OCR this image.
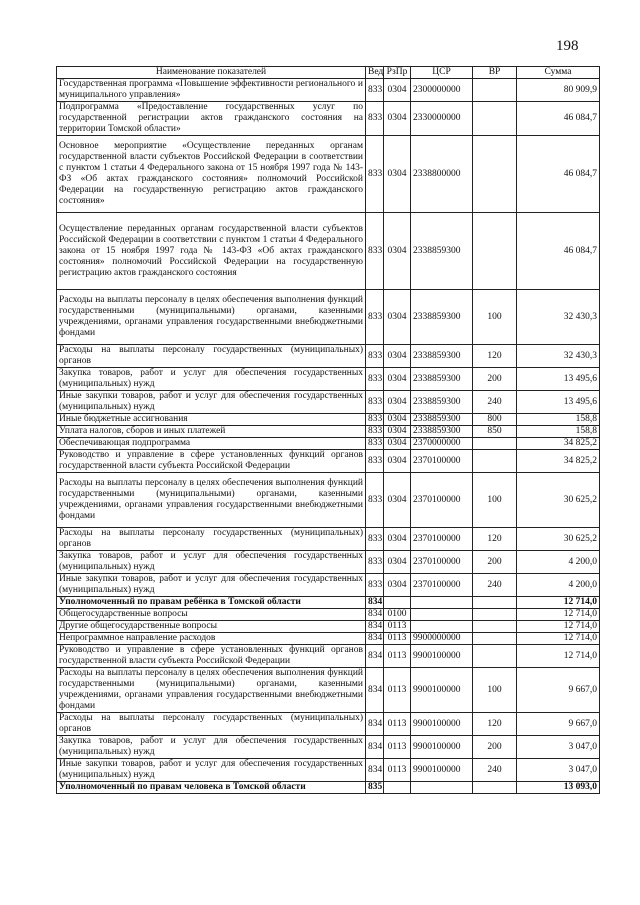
198
Наименование показателей	Вед	РзПр	ЦСР	ВР	Сумма
Государственная программа «Повышение эффективности регионального и муниципального управления»	833	0304	2300000000		80 909,9
Подпрограмма «Предоставление государственных услуг по государственной регистрации актов гражданского состояния на территории Томской области»	833	0304	2330000000		46 084,7
Основное мероприятие «Осуществление переданных органам государственной власти субъектов Российской Федерации в соответствии с пунктом 1 статьи 4 Федерального закона от 15 ноября 1997 года № 143-ФЗ «Об актах гражданского состояния» полномочий Российской Федерации на государственную регистрацию актов гражданского состояния»	833	0304	2338800000		46 084,7
Осуществление переданных органам государственной власти субъектов Российской Федерации в соответствии с пунктом 1 статьи 4 Федерального закона от 15 ноября 1997 года № 143-ФЗ «Об актах гражданского состояния» полномочий Российской Федерации на государственную регистрацию актов гражданского состояния	833	0304	2338859300		46 084,7
Расходы на выплаты персоналу в целях обеспечения выполнения функций государственными (муниципальными) органами, казенными учреждениями, органами управления государственными внебюджетными фондами	833	0304	2338859300	100	32 430,3
Расходы на выплаты персоналу государственных (муниципальных) органов	833	0304	2338859300	120	32 430,3
Закупка товаров, работ и услуг для обеспечения государственных (муниципальных) нужд	833	0304	2338859300	200	13 495,6
Иные закупки товаров, работ и услуг для обеспечения государственных (муниципальных) нужд	833	0304	2338859300	240	13 495,6
Иные бюджетные ассигнования	833	0304	2338859300	800	158,8
Уплата налогов, сборов и иных платежей	833	0304	2338859300	850	158,8
Обеспечивающая подпрограмма	833	0304	2370000000		34 825,2
Руководство и управление в сфере установленных функций органов государственной власти субъекта Российской Федерации	833	0304	2370100000		34 825,2
Расходы на выплаты персоналу в целях обеспечения выполнения функций государственными (муниципальными) органами, казенными учреждениями, органами управления государственными внебюджетными фондами	833	0304	2370100000	100	30 625,2
Расходы на выплаты персоналу государственных (муниципальных) органов	833	0304	2370100000	120	30 625,2
Закупка товаров, работ и услуг для обеспечения государственных (муниципальных) нужд	833	0304	2370100000	200	4 200,0
Иные закупки товаров, работ и услуг для обеспечения государственных (муниципальных) нужд	833	0304	2370100000	240	4 200,0
Уполномоченный по правам ребёнка в Томской области	834				12 714,0
Общегосударственные вопросы	834	0100			12 714,0
Другие общегосударственные вопросы	834	0113			12 714,0
Непрограммное направление расходов	834	0113	9900000000		12 714,0
Руководство и управление в сфере установленных функций органов государственной власти субъекта Российской Федерации	834	0113	9900100000		12 714,0
Расходы на выплаты персоналу в целях обеспечения выполнения функций государственными (муниципальными) органами, казенными учреждениями, органами управления государственными внебюджетными фондами	834	0113	9900100000	100	9 667,0
Расходы на выплаты персоналу государственных (муниципальных) органов	834	0113	9900100000	120	9 667,0
Закупка товаров, работ и услуг для обеспечения государственных (муниципальных) нужд	834	0113	9900100000	200	3 047,0
Иные закупки товаров, работ и услуг для обеспечения государственных (муниципальных) нужд	834	0113	9900100000	240	3 047,0
Уполномоченный по правам человека в Томской области	835				13 093,0
